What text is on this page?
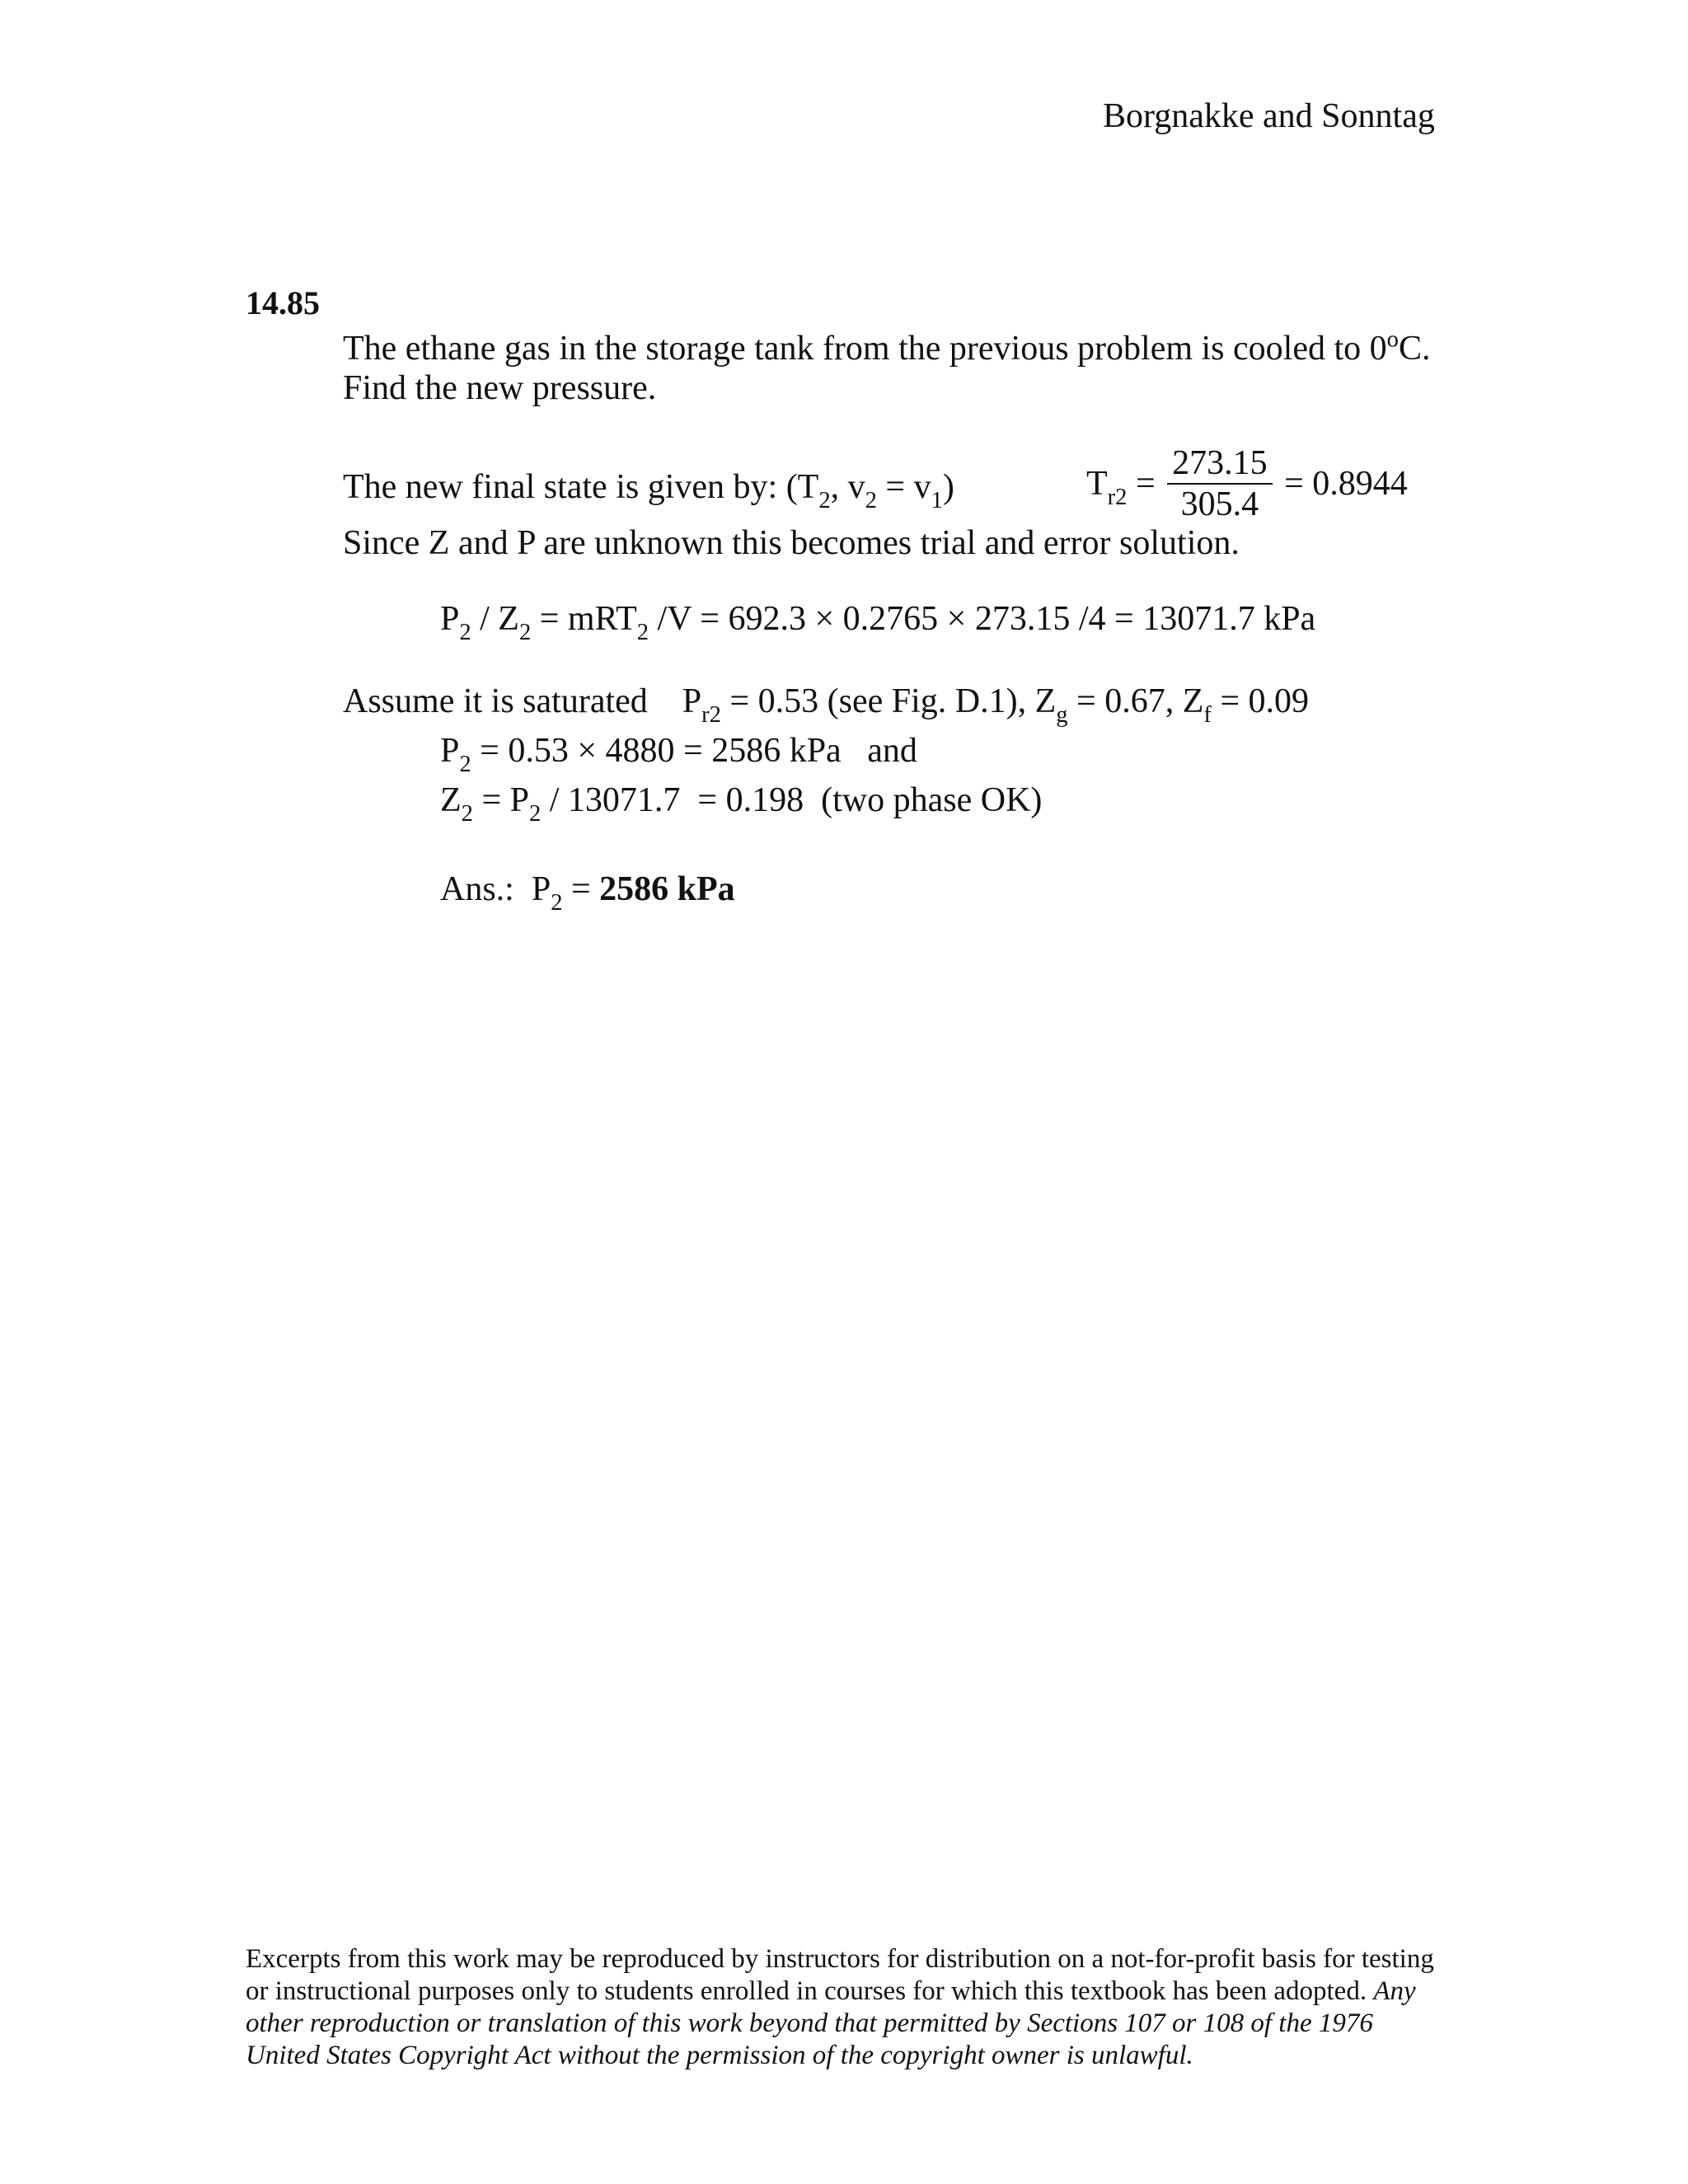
Borgnakke and Sonntag
14.85
The ethane gas in the storage tank from the previous problem is cooled to 0$^o$C.
Find the new pressure.
The new final state is given by: ($T_2$, $v_2 = v_1$)	$T_{r2} = \frac{273.15}{305.4} = 0.8944$
Since Z and P are unknown this becomes trial and error solution.
$P_2 / Z_2 = mRT_2$ /V = 692.3 × 0.2765 × 273.15 /4 = 13071.7 kPa
Assume it is saturated    $P_{r2} = 0.53$ (see Fig. D.1), $Z_g = 0.67$, $Z_f = 0.09$
$P_2 = 0.53 \times 4880 = 2586$ kPa   and
$Z_2 = P_2 / 13071.7 = 0.198$  (two phase OK)
Ans.:  $P_2 = 2586$ kPa
Excerpts from this work may be reproduced by instructors for distribution on a not-for-profit basis for testing or instructional purposes only to students enrolled in courses for which this textbook has been adopted. Any other reproduction or translation of this work beyond that permitted by Sections 107 or 108 of the 1976 United States Copyright Act without the permission of the copyright owner is unlawful.
